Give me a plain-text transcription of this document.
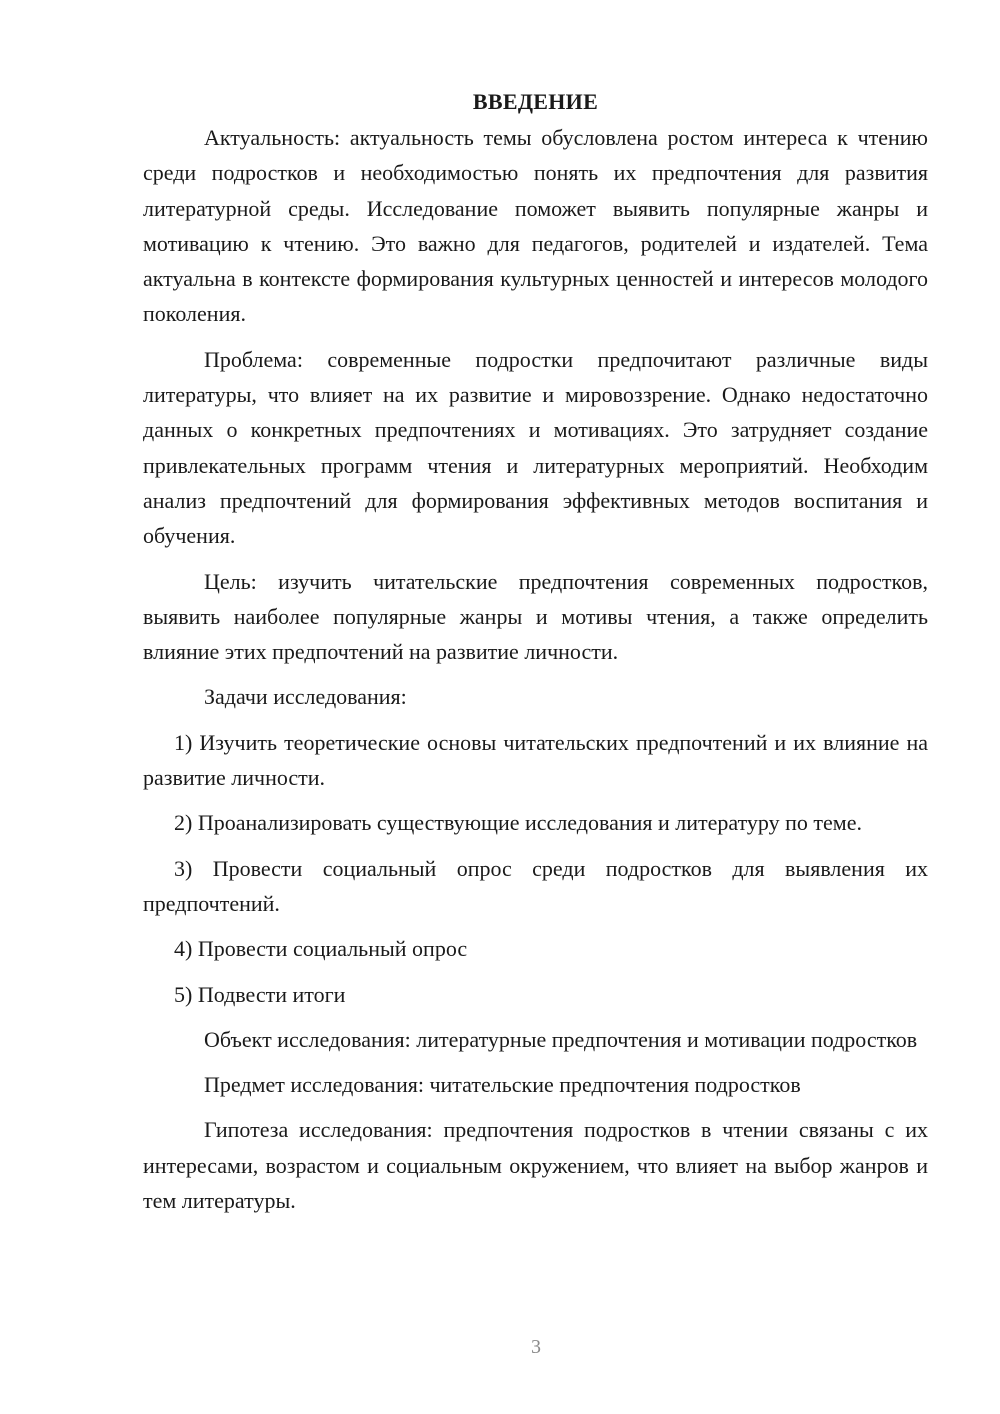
ВВЕДЕНИЕ

Актуальность: актуальность темы обусловлена ростом интереса к чтению среди подростков и необходимостью понять их предпочтения для развития литературной среды. Исследование поможет выявить популярные жанры и мотивацию к чтению. Это важно для педагогов, родителей и издателей. Тема актуальна в контексте формирования культурных ценностей и интересов молодого поколения.

Проблема: современные подростки предпочитают различные виды литературы, что влияет на их развитие и мировоззрение. Однако недостаточно данных о конкретных предпочтениях и мотивациях. Это затрудняет создание привлекательных программ чтения и литературных мероприятий. Необходим анализ предпочтений для формирования эффективных методов воспитания и обучения.

Цель: изучить читательские предпочтения современных подростков, выявить наиболее популярные жанры и мотивы чтения, а также определить влияние этих предпочтений на развитие личности.

Задачи исследования:

1) Изучить теоретические основы читательских предпочтений и их влияние на развитие личности.

2) Проанализировать существующие исследования и литературу по теме.

3) Провести социальный опрос среди подростков для выявления их предпочтений.

4) Провести социальный опрос

5) Подвести итоги

Объект исследования: литературные предпочтения и мотивации подростков

Предмет исследования: читательские предпочтения подростков

Гипотеза исследования: предпочтения подростков в чтении связаны с их интересами, возрастом и социальным окружением, что влияет на выбор жанров и тем литературы.

3
